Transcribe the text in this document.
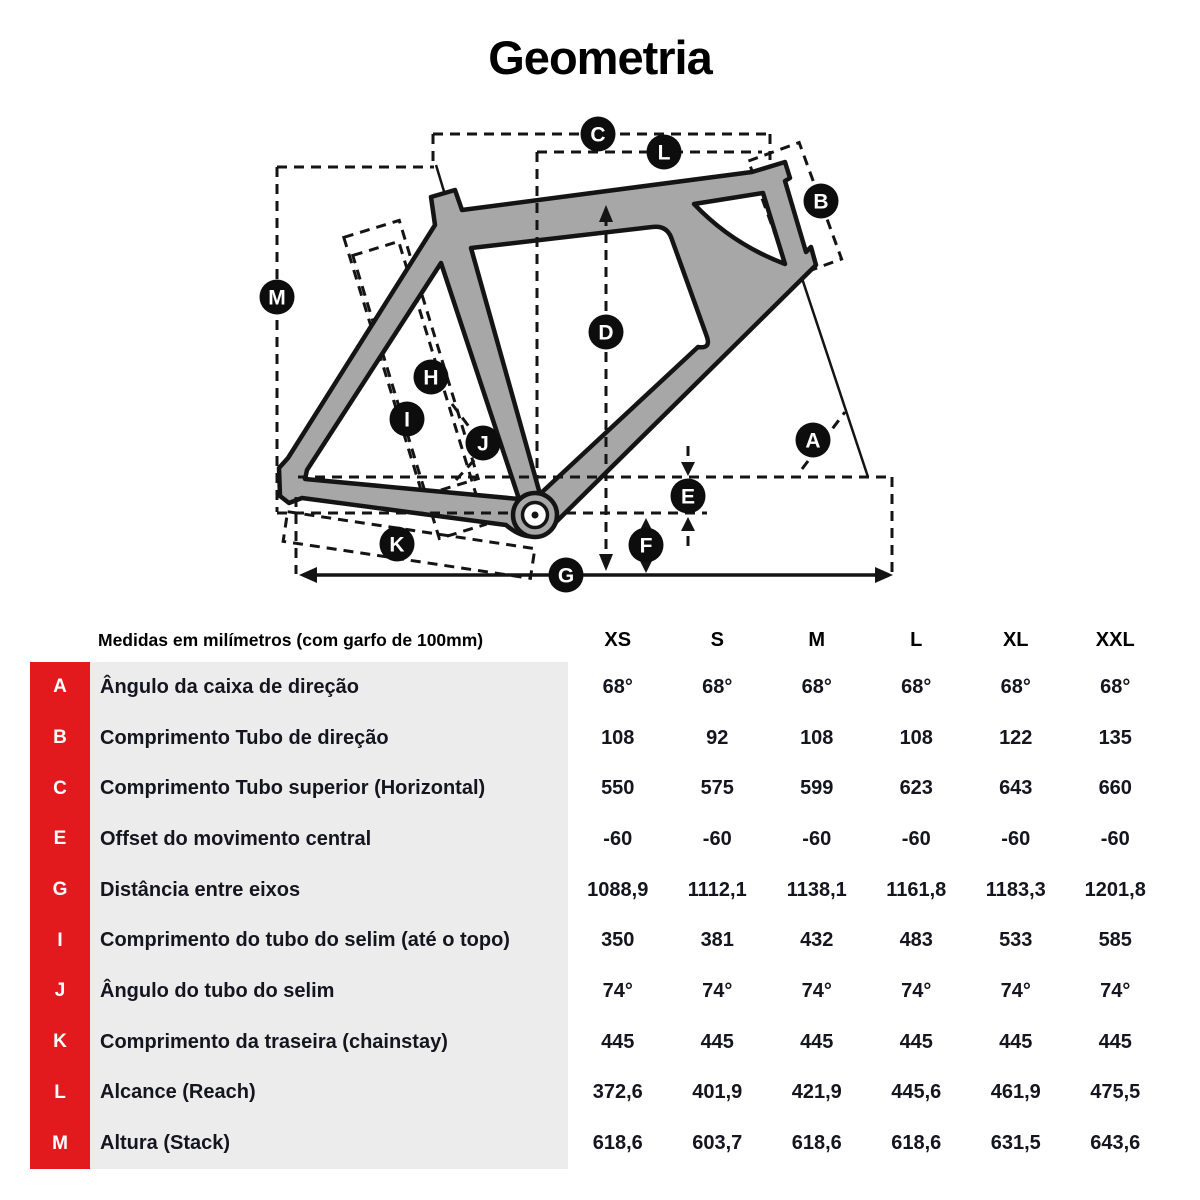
Geometria
C
L
B
M
D
H
I
J	A
E
F
K
G
Medidas em milímetros (com garfo de 100mm)	XS	S	M	L	XL	XXL
A	Ângulo da caixa de direção	68°	68°	68°	68°	68°	68°
B	Comprimento Tubo de direção	108	92	108	108	122	135
C	Comprimento Tubo superior (Horizontal)	550	575	599	623	643	660
E	Offset do movimento central	-60	-60	-60	-60	-60	-60
G	Distância entre eixos	1088,9	1112,1	1138,1	1161,8	1183,3	1201,8
I	Comprimento do tubo do selim (até o topo)	350	381	432	483	533	585
J	Ângulo do tubo do selim	74°	74°	74°	74°	74°	74°
K	Comprimento da traseira (chainstay)	445	445	445	445	445	445
L	Alcance (Reach)	372,6	401,9	421,9	445,6	461,9	475,5
M	Altura (Stack)	618,6	603,7	618,6	618,6	631,5	643,6
